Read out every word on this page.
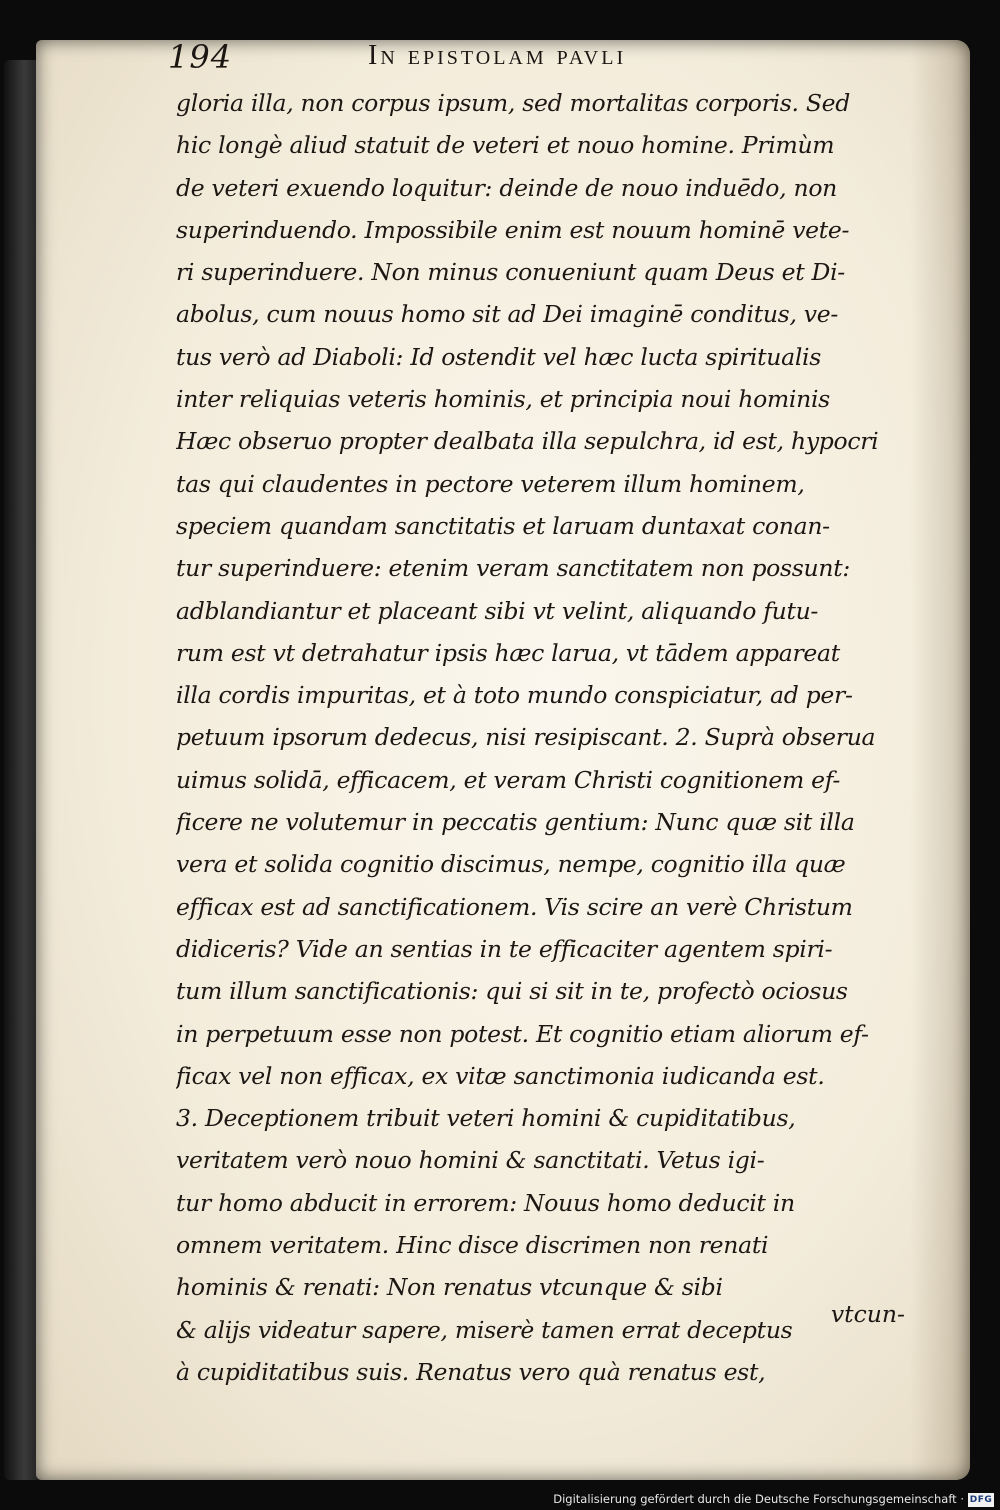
194	In epistolam pavli
gloria illa, non corpus ipsum, sed mortalitas corporis. Sed
hic longè aliud statuit de veteri et nouo homine. Primùm
de veteri exuendo loquitur: deinde de nouo induēdo, non
superinduendo. Impossibile enim est nouum hominē vete-
ri superinduere. Non minus conueniunt quam Deus et Di-
abolus, cum nouus homo sit ad Dei imaginē conditus, ve-
tus verò ad Diaboli: Id ostendit vel hæc lucta spiritualis
inter reliquias veteris hominis, et principia noui hominis
Hæc obseruo propter dealbata illa sepulchra, id est, hypocri
tas qui claudentes in pectore veterem illum hominem,
speciem quandam sanctitatis et laruam duntaxat conan-
tur superinduere: etenim veram sanctitatem non possunt:
adblandiantur et placeant sibi vt velint, aliquando futu-
rum est vt detrahatur ipsis hæc larua, vt tādem appareat
illa cordis impuritas, et à toto mundo conspiciatur, ad per-
petuum ipsorum dedecus, nisi resipiscant. 2. Suprà obserua
uimus solidā, efficacem, et veram Christi cognitionem ef-
ficere ne volutemur in peccatis gentium: Nunc quæ sit illa
vera et solida cognitio discimus, nempe, cognitio illa quæ
efficax est ad sanctificationem. Vis scire an verè Christum
didiceris? Vide an sentias in te efficaciter agentem spiri-
tum illum sanctificationis: qui si sit in te, profectò ociosus
in perpetuum esse non potest. Et cognitio etiam aliorum ef-
ficax vel non efficax, ex vitæ sanctimonia iudicanda est.
3. Deceptionem tribuit veteri homini & cupiditatibus,
veritatem verò nouo homini & sanctitati. Vetus igi-
tur homo abducit in errorem: Nouus homo deducit in
omnem veritatem. Hinc disce discrimen non renati
hominis & renati: Non renatus vtcunque & sibi
& alijs videatur sapere, miserè tamen errat deceptus
à cupiditatibus suis. Renatus vero quà renatus est,
vtcun-
Digitalisierung gefördert durch die Deutsche Forschungsgemeinschaft · DFG
